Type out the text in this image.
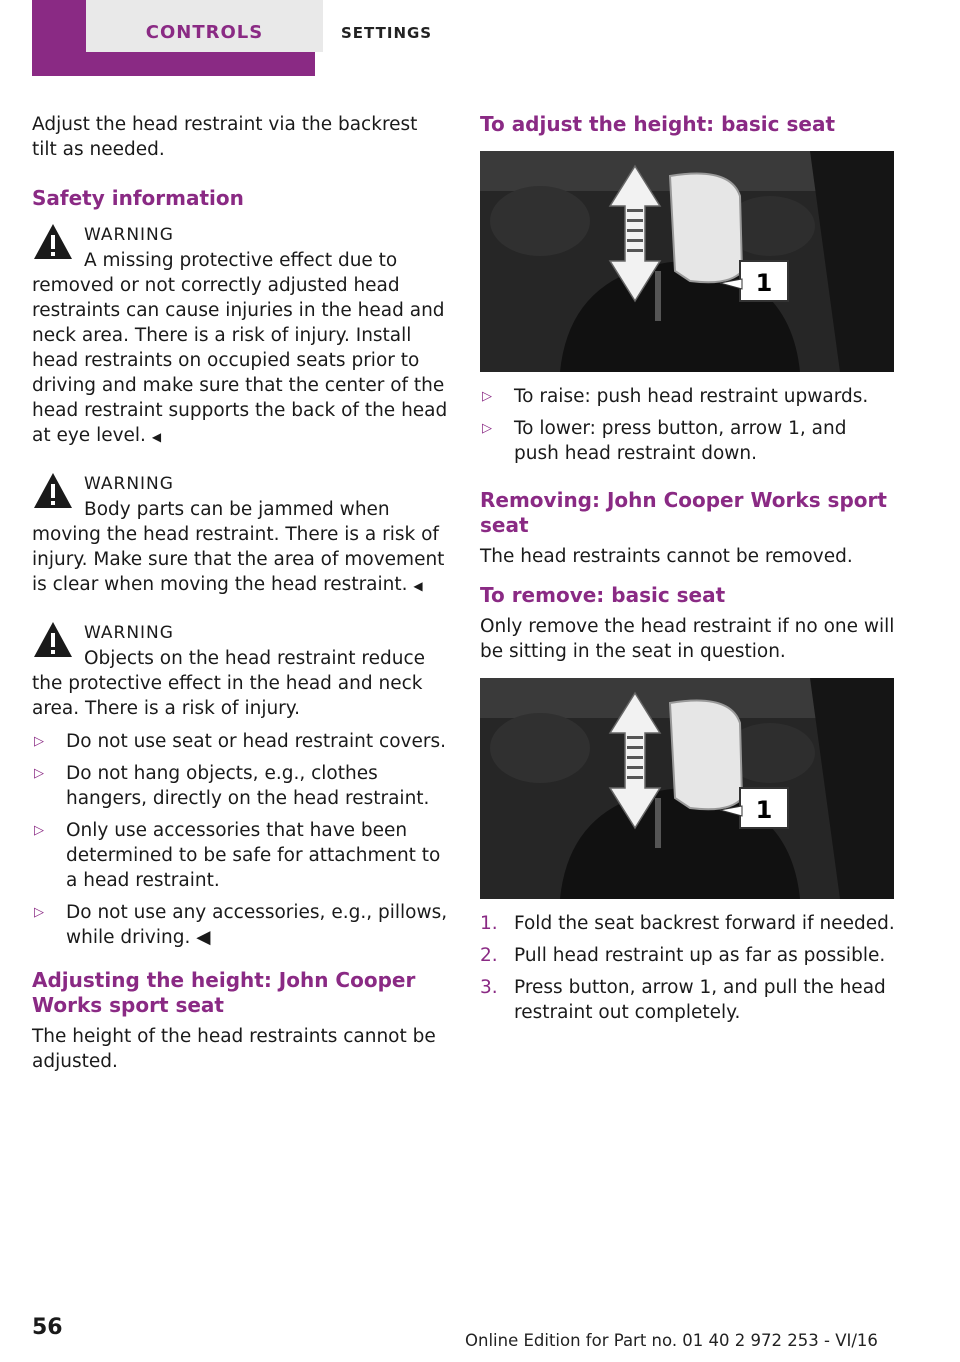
CONTROLS	SETTINGS

Adjust the head restraint via the backrest tilt as needed.

Safety information
WARNING
A missing protective effect due to removed or not correctly adjusted head restraints can cause injuries in the head and neck area. There is a risk of injury. Install head restraints on occupied seats prior to driving and make sure that the center of the head restraint supports the back of the head at eye level. ◀
WARNING
Body parts can be jammed when moving the head restraint. There is a risk of injury. Make sure that the area of movement is clear when moving the head restraint. ◀
WARNING
Objects on the head restraint reduce the protective effect in the head and neck area. There is a risk of injury.
▷ Do not use seat or head restraint covers.
▷ Do not hang objects, e.g., clothes hangers, directly on the head restraint.
▷ Only use accessories that have been determined to be safe for attachment to a head restraint.
▷ Do not use any accessories, e.g., pillows, while driving. ◀
Adjusting the height: John Cooper Works sport seat

The height of the head restraints cannot be adjusted.

To adjust the height: basic seat
1
▷ To raise: push head restraint upwards.
▷ To lower: press button, arrow 1, and push head restraint down.
Removing: John Cooper Works sport seat

The head restraints cannot be removed.

To remove: basic seat

Only remove the head restraint if no one will be sitting in the seat in question.

1
1. Fold the seat backrest forward if needed.
2. Pull head restraint up as far as possible.
3. Press button, arrow 1, and pull the head restraint out completely.
56
Online Edition for Part no. 01 40 2 972 253 - VI/16
